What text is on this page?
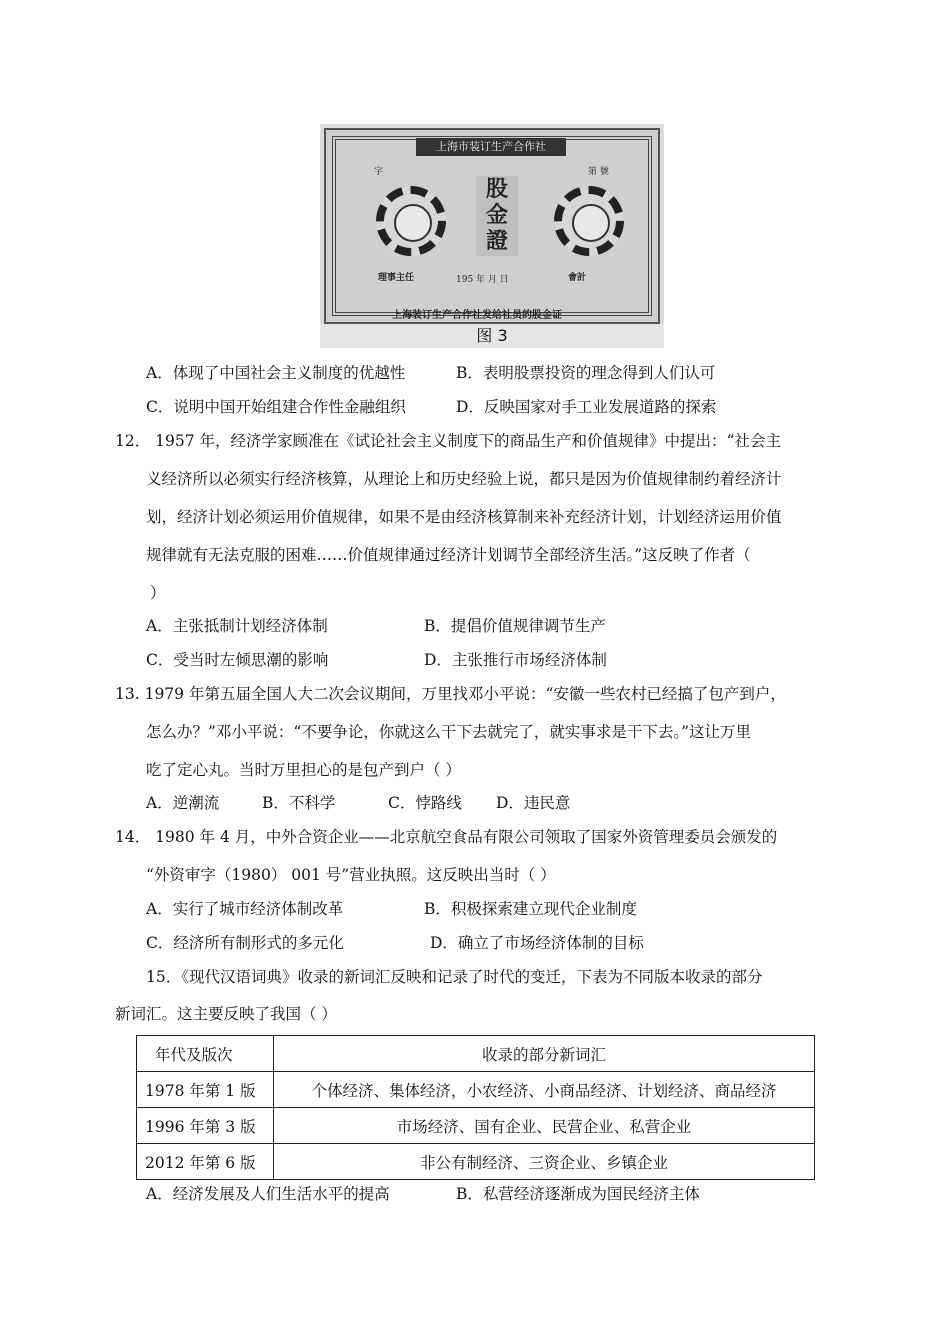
上海市装订生产合作社
字	第 號
股金證
理事主任	195 年 月 日	會計
上海装订生产合作社发给社员的股金证
图 3
A．体现了中国社会主义制度的优越性	B．表明股票投资的理念得到人们认可
C．说明中国开始组建合作性金融组织	D．反映国家对手工业发展道路的探索
12． 1957 年，经济学家顾准在《试论社会主义制度下的商品生产和价值规律》中提出：“社会主
义经济所以必须实行经济核算，从理论上和历史经验上说，都只是因为价值规律制约着经济计
划，经济计划必须运用价值规律，如果不是由经济核算制来补充经济计划，计划经济运用价值
规律就有无法克服的困难……价值规律通过经济计划调节全部经济生活。”这反映了作者（
）
A．主张抵制计划经济体制	B．提倡价值规律调节生产
C．受当时左倾思潮的影响	D．主张推行市场经济体制
13. 1979 年第五届全国人大二次会议期间，万里找邓小平说：“安徽一些农村已经搞了包产到户，
怎么办？”邓小平说：“不要争论，你就这么干下去就完了，就实事求是干下去。”这让万里
吃了定心丸。当时万里担心的是包产到户（ ）
A．逆潮流	B．不科学	C．悖路线 D．违民意
14． 1980 年 4 月，中外合资企业——北京航空食品有限公司领取了国家外资管理委员会颁发的
“外资审字（1980） 001 号”营业执照。这反映出当时（ ）
A．实行了城市经济体制改革	B．积极探索建立现代企业制度
C．经济所有制形式的多元化	D．确立了市场经济体制的目标
15．《现代汉语词典》收录的新词汇反映和记录了时代的变迁，下表为不同版本收录的部分
新词汇。这主要反映了我国（ ）
年代及版次	收录的部分新词汇
1978 年第 1 版	个体经济、集体经济，小农经济、小商品经济、计划经济、商品经济
1996 年第 3 版	市场经济、国有企业、民营企业、私营企业
2012 年第 6 版	非公有制经济、三资企业、乡镇企业
A．经济发展及人们生活水平的提高	B．私营经济逐渐成为国民经济主体
